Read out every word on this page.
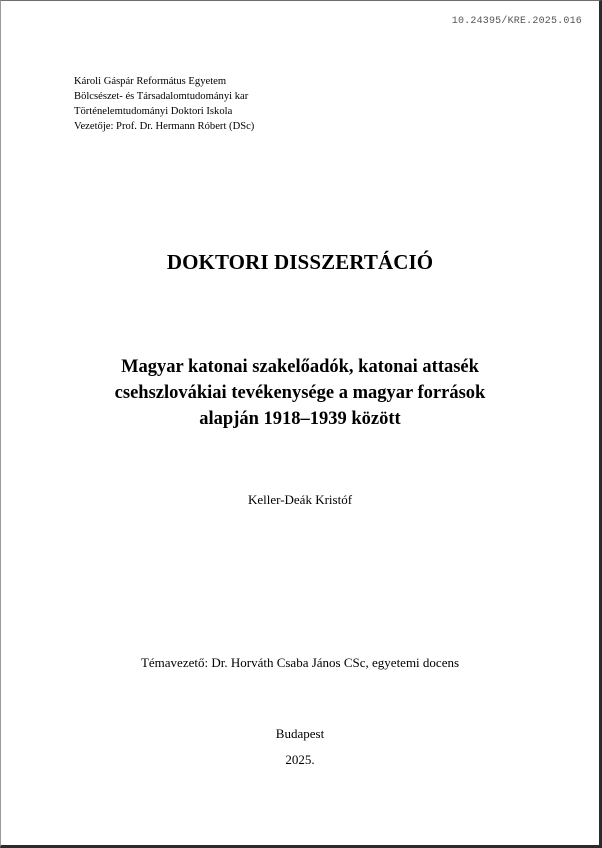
10.24395/KRE.2025.016
Károli Gáspár Református Egyetem
Bölcsészet- és Társadalomtudományi kar
Történelemtudományi Doktori Iskola
Vezetője: Prof. Dr. Hermann Róbert (DSc)
DOKTORI DISSZERTÁCIÓ
Magyar katonai szakelőadók, katonai attasék
csehszlovákiai tevékenysége a magyar források
alapján 1918–1939 között
Keller-Deák Kristóf
Témavezető: Dr. Horváth Csaba János CSc, egyetemi docens
Budapest
2025.
